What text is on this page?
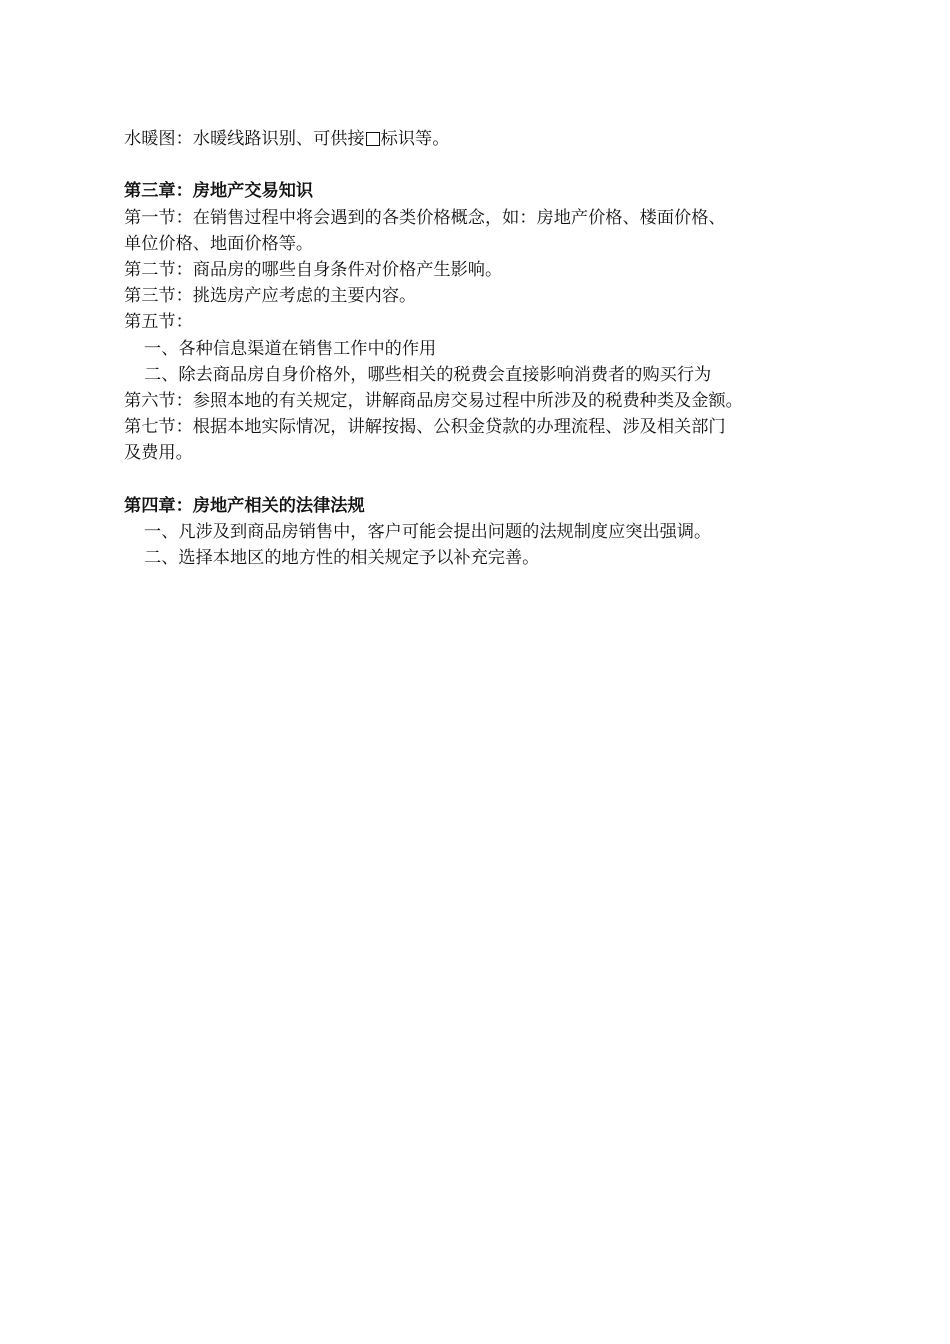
水暖图：水暖线路识别、可供接 标识等。
第三章：房地产交易知识
第一节：在销售过程中将会遇到的各类价格概念，如：房地产价格、楼面价格、
单位价格、地面价格等。
第二节：商品房的哪些自身条件对价格产生影响。
第三节：挑选房产应考虑的主要内容。
第五节：
一、各种信息渠道在销售工作中的作用
二、除去商品房自身价格外，哪些相关的税费会直接影响消费者的购买行为
第六节：参照本地的有关规定，讲解商品房交易过程中所涉及的税费种类及金额。
第七节：根据本地实际情况，讲解按揭、公积金贷款的办理流程、涉及相关部门
及费用。
第四章：房地产相关的法律法规
一、凡涉及到商品房销售中，客户可能会提出问题的法规制度应突出强调。
二、选择本地区的地方性的相关规定予以补充完善。
